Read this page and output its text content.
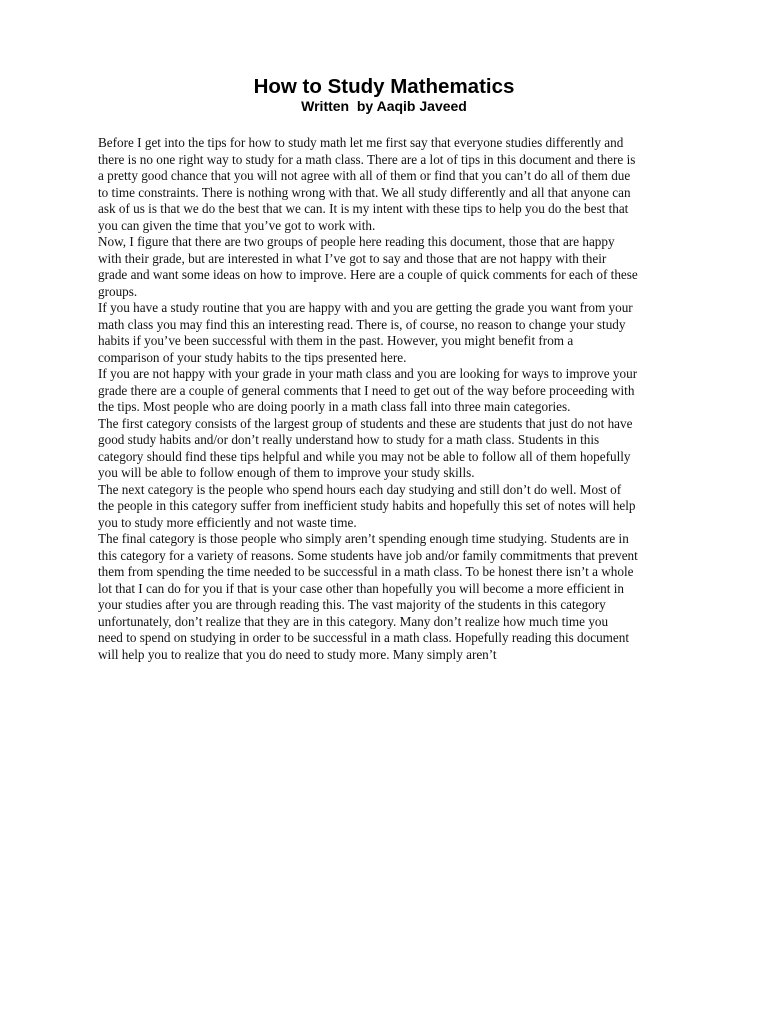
How to Study Mathematics
Written  by Aaqib Javeed
Before I get into the tips for how to study math let me first say that everyone studies differently and
there is no one right way to study for a math class. There are a lot of tips in this document and there is
a pretty good chance that you will not agree with all of them or find that you can’t do all of them due
to time constraints. There is nothing wrong with that. We all study differently and all that anyone can
ask of us is that we do the best that we can. It is my intent with these tips to help you do the best that
you can given the time that you’ve got to work with.
Now, I figure that there are two groups of people here reading this document, those that are happy
with their grade, but are interested in what I’ve got to say and those that are not happy with their
grade and want some ideas on how to improve. Here are a couple of quick comments for each of these
groups.
If you have a study routine that you are happy with and you are getting the grade you want from your
math class you may find this an interesting read. There is, of course, no reason to change your study
habits if you’ve been successful with them in the past. However, you might benefit from a
comparison of your study habits to the tips presented here.
If you are not happy with your grade in your math class and you are looking for ways to improve your
grade there are a couple of general comments that I need to get out of the way before proceeding with
the tips. Most people who are doing poorly in a math class fall into three main categories.
The first category consists of the largest group of students and these are students that just do not have
good study habits and/or don’t really understand how to study for a math class. Students in this
category should find these tips helpful and while you may not be able to follow all of them hopefully
you will be able to follow enough of them to improve your study skills.
The next category is the people who spend hours each day studying and still don’t do well. Most of
the people in this category suffer from inefficient study habits and hopefully this set of notes will help
you to study more efficiently and not waste time.
The final category is those people who simply aren’t spending enough time studying. Students are in
this category for a variety of reasons. Some students have job and/or family commitments that prevent
them from spending the time needed to be successful in a math class. To be honest there isn’t a whole
lot that I can do for you if that is your case other than hopefully you will become a more efficient in
your studies after you are through reading this. The vast majority of the students in this category
unfortunately, don’t realize that they are in this category. Many don’t realize how much time you
need to spend on studying in order to be successful in a math class. Hopefully reading this document
will help you to realize that you do need to study more. Many simply aren’t
